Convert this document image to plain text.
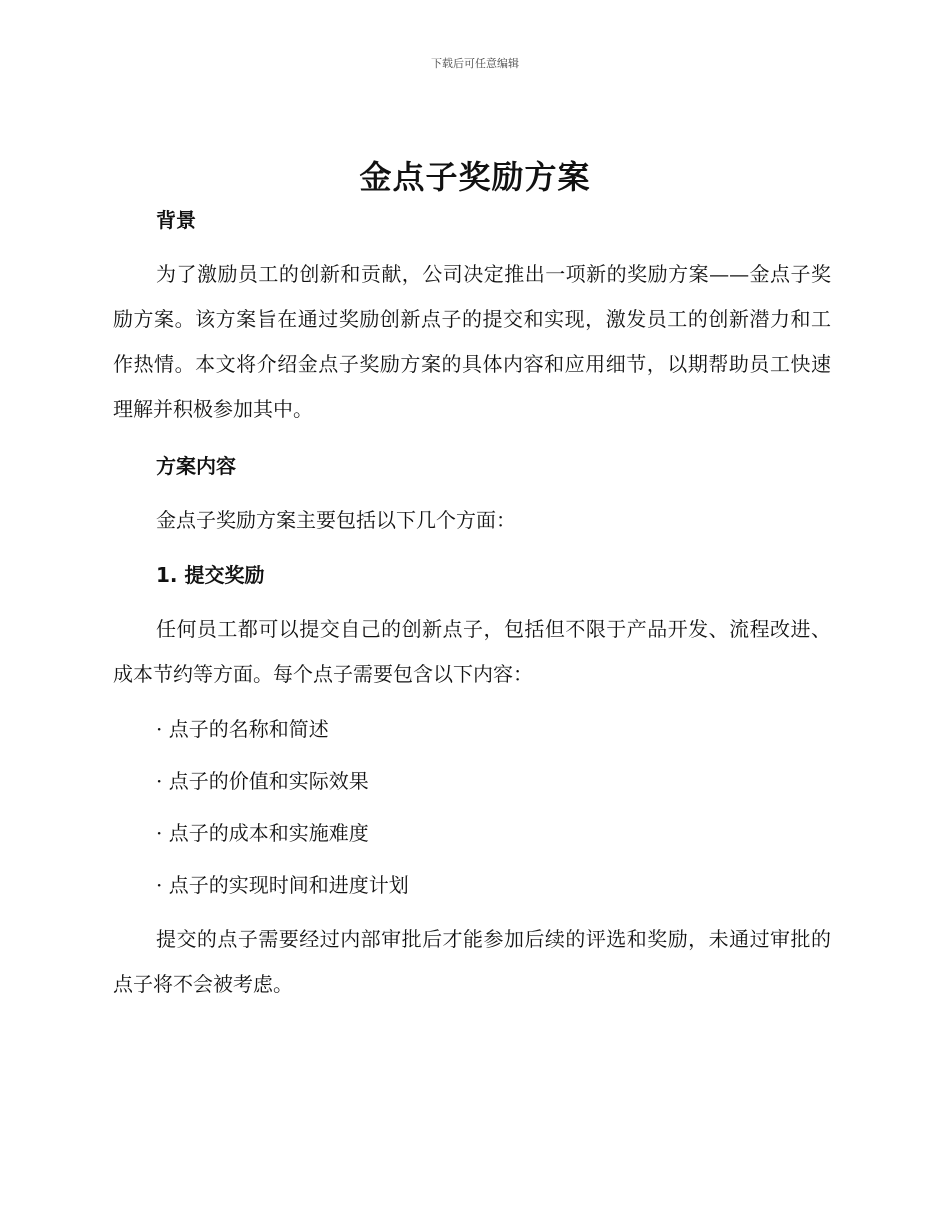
下载后可任意编辑
金点子奖励方案

背景

为了激励员工的创新和贡献，公司决定推出一项新的奖励方案——金点子奖励方案。该方案旨在通过奖励创新点子的提交和实现，激发员工的创新潜力和工作热情。本文将介绍金点子奖励方案的具体内容和应用细节，以期帮助员工快速理解并积极参加其中。

方案内容

金点子奖励方案主要包括以下几个方面：

1. 提交奖励

任何员工都可以提交自己的创新点子，包括但不限于产品开发、流程改进、成本节约等方面。每个点子需要包含以下内容：

· 点子的名称和简述

· 点子的价值和实际效果

· 点子的成本和实施难度

· 点子的实现时间和进度计划

提交的点子需要经过内部审批后才能参加后续的评选和奖励，未通过审批的点子将不会被考虑。
